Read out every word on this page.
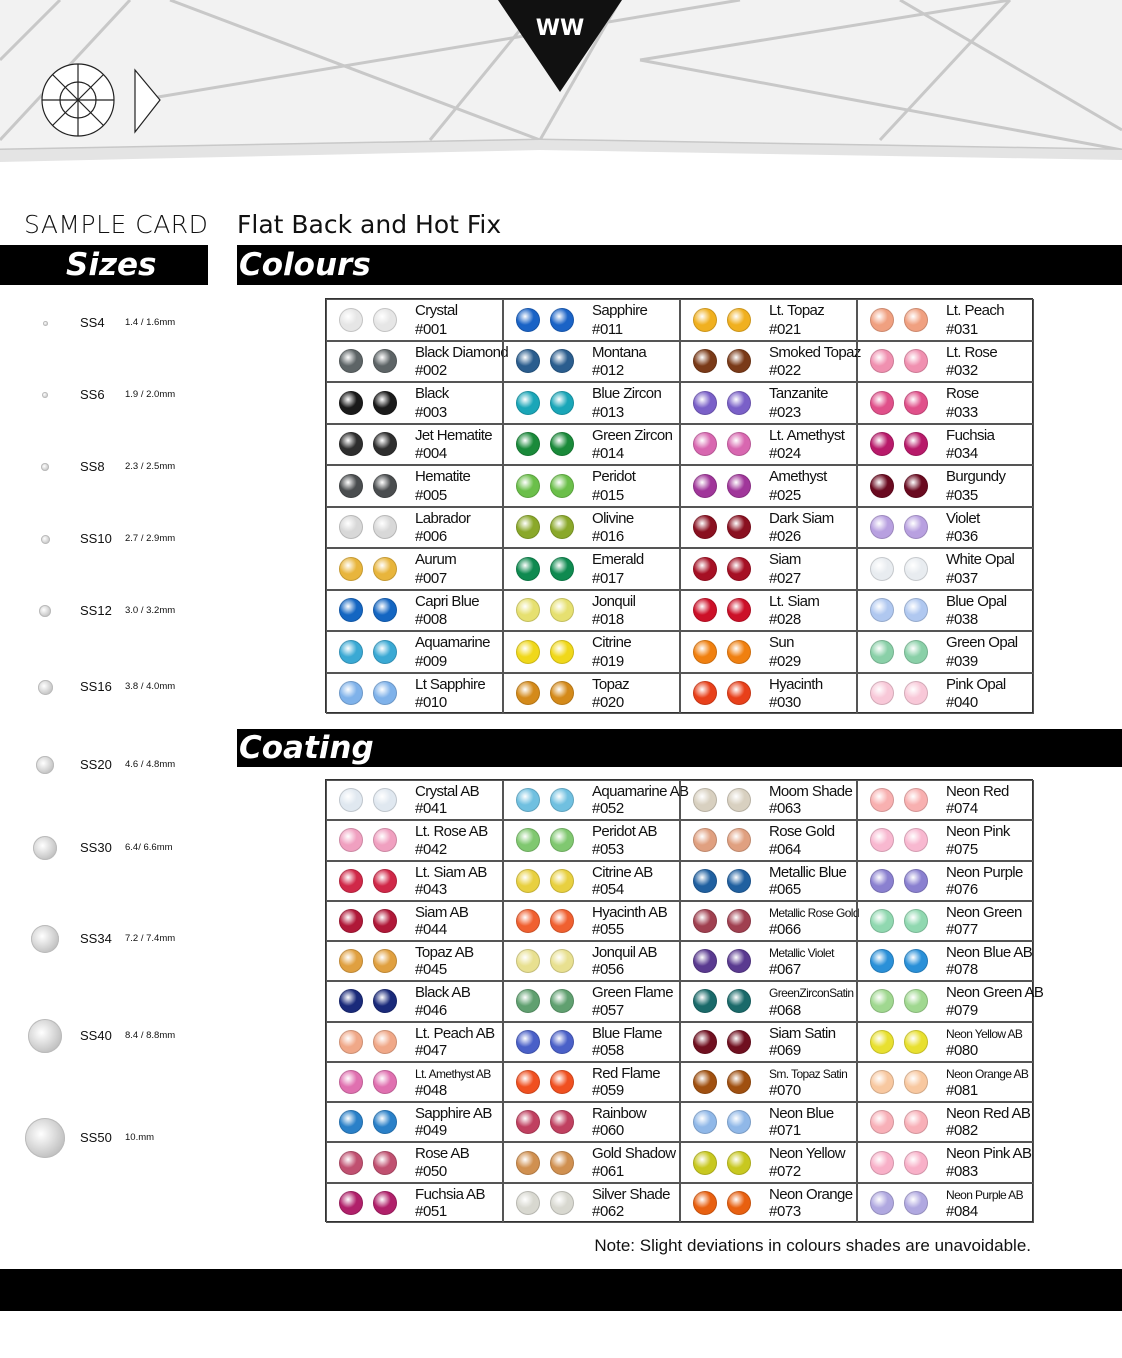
WW
SAMPLE CARD Flat Back and Hot Fix
Sizes	Colours
Coating
SS4 1.4 / 1.6mm
SS6 1.9 / 2.0mm
SS8 2.3 / 2.5mm
SS10 2.7 / 2.9mm
SS12 3.0 / 3.2mm
SS16 3.8 / 4.0mm
SS20 4.6 / 4.8mm
SS30 6.4/ 6.6mm
SS34 7.2 / 7.4mm
SS40 8.4 / 8.8mm
SS50 10.mm
Crystal
#001
Black Diamond
#002
Black
#003
Jet Hematite
#004
Hematite
#005
Labrador
#006
Aurum
#007
Capri Blue
#008
Aquamarine
#009
Lt Sapphire
#010
Sapphire
#011
Montana
#012
Blue Zircon
#013
Green Zircon
#014
Peridot
#015
Olivine
#016
Emerald
#017
Jonquil
#018
Citrine
#019
Topaz
#020
Lt. Topaz
#021
Smoked Topaz
#022
Tanzanite
#023
Lt. Amethyst
#024
Amethyst
#025
Dark Siam
#026
Siam
#027
Lt. Siam
#028
Sun
#029
Hyacinth
#030
Lt. Peach
#031
Lt. Rose
#032
Rose
#033
Fuchsia
#034
Burgundy
#035
Violet
#036
White Opal
#037
Blue Opal
#038
Green Opal
#039
Pink Opal
#040
Crystal AB
#041
Lt. Rose AB
#042
Lt. Siam AB
#043
Siam AB
#044
Topaz AB
#045
Black AB
#046
Lt. Peach AB
#047
Lt. Amethyst AB
#048
Sapphire AB
#049
Rose AB
#050
Fuchsia AB
#051
Aquamarine AB
#052
Peridot AB
#053
Citrine AB
#054
Hyacinth AB
#055
Jonquil AB
#056
Green Flame
#057
Blue Flame
#058
Red Flame
#059
Rainbow
#060
Gold Shadow
#061
Silver Shade
#062
Moom Shade
#063
Rose Gold
#064
Metallic Blue
#065
Metallic Rose Gold
#066
Metallic Violet
#067
GreenZirconSatin
#068
Siam Satin
#069
Sm. Topaz Satin
#070
Neon Blue
#071
Neon Yellow
#072
Neon Orange
#073
Neon Red
#074
Neon Pink
#075
Neon Purple
#076
Neon Green
#077
Neon Blue AB
#078
Neon Green AB
#079
Neon Yellow AB
#080
Neon Orange AB
#081
Neon Red AB
#082
Neon Pink AB
#083
Neon Purple AB
#084
Note: Slight deviations in colours shades are unavoidable.
